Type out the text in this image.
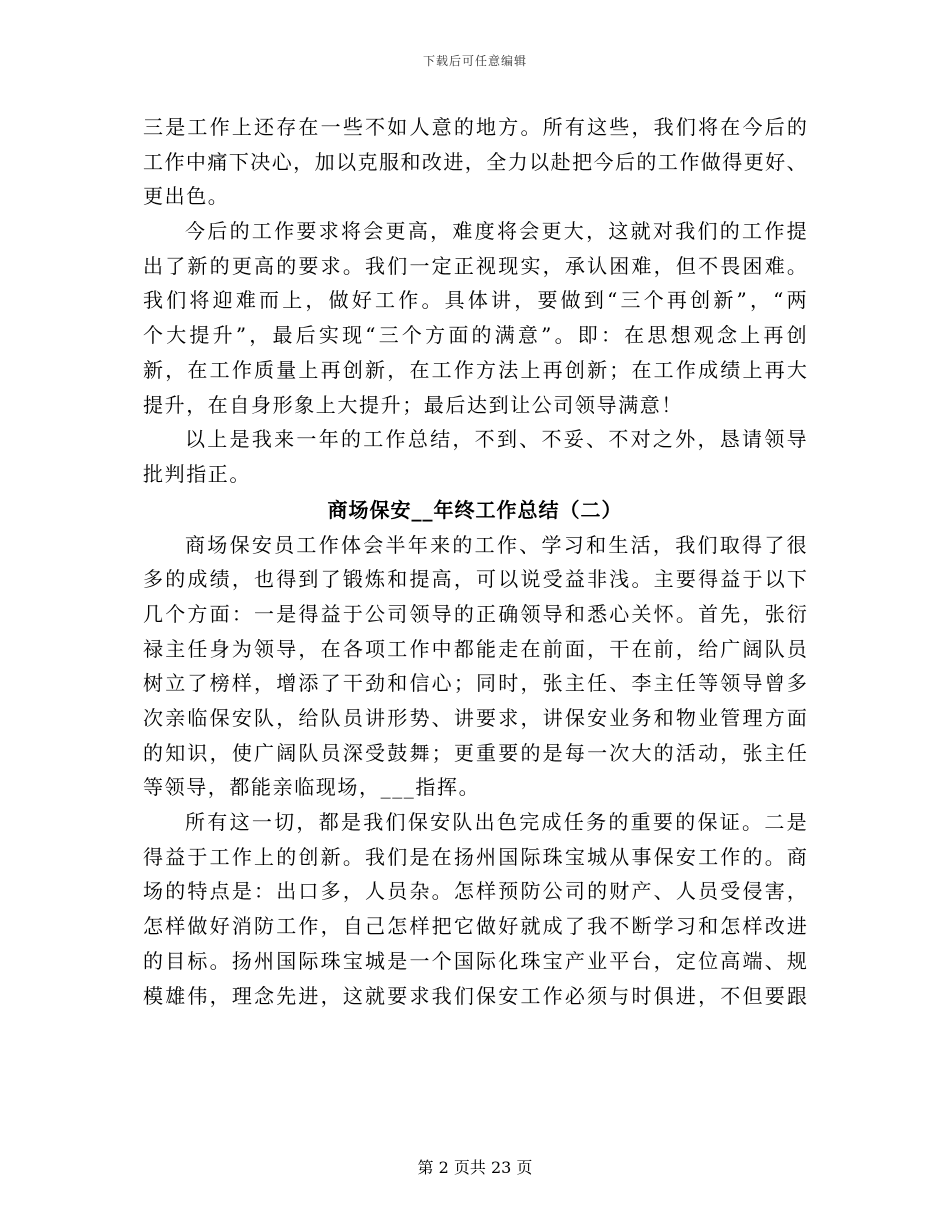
下载后可任意编辑
三 是 工 作 上 还 存 在 一 些 不 如 人 意 的 地 方 。 所 有 这 些 ， 我 们 将 在 今 后 的
工 作 中 痛 下 决 心 ， 加 以 克 服 和 改 进 ， 全 力 以 赴 把 今 后 的 工 作 做 得 更 好 、
更出色。
今 后 的 工 作 要 求 将 会 更 高 ， 难 度 将 会 更 大 ， 这 就 对 我 们 的 工 作 提
出 了 新 的 更 高 的 要 求 。 我 们 一 定 正 视 现 实 ， 承 认 困 难 ， 但 不 畏 困 难 。
我 们 将 迎 难 而 上 ， 做 好 工 作 。 具 体 讲 ， 要 做 到 “ 三 个 再 创 新 ” ， “ 两
个 大 提 升 ” ， 最 后 实 现 “ 三 个 方 面 的 满 意 ” 。 即 ： 在 思 想 观 念 上 再 创
新 ， 在 工 作 质 量 上 再 创 新 ， 在 工 作 方 法 上 再 创 新 ； 在 工 作 成 绩 上 再 大
提升，在自身形象上大提升；最后达到让公司领导满意！
以 上 是 我 来 一 年 的 工 作 总 结 ， 不 到 、 不 妥 、 不 对 之 外 ， 恳 请 领 导
批判指正。
商场保安__年终工作总结（二）
商 场 保 安 员 工 作 体 会 半 年 来 的 工 作 、 学 习 和 生 活 ， 我 们 取 得 了 很
多 的 成 绩 ， 也 得 到 了 锻 炼 和 提 高 ， 可 以 说 受 益 非 浅 。 主 要 得 益 于 以 下
几 个 方 面 ： 一 是 得 益 于 公 司 领 导 的 正 确 领 导 和 悉 心 关 怀 。 首 先 ， 张 衍
禄 主 任 身 为 领 导 ， 在 各 项 工 作 中 都 能 走 在 前 面 ， 干 在 前 ， 给 广 阔 队 员
树 立 了 榜 样 ， 增 添 了 干 劲 和 信 心 ； 同 时 ， 张 主 任 、 李 主 任 等 领 导 曾 多
次 亲 临 保 安 队 ， 给 队 员 讲 形 势 、 讲 要 求 ， 讲 保 安 业 务 和 物 业 管 理 方 面
的 知 识 ， 使 广 阔 队 员 深 受 鼓 舞 ； 更 重 要 的 是 每 一 次 大 的 活 动 ， 张 主 任
等领导，都能亲临现场，___指挥。
所 有 这 一 切 ， 都 是 我 们 保 安 队 出 色 完 成 任 务 的 重 要 的 保 证 。 二 是
得 益 于 工 作 上 的 创 新 。 我 们 是 在 扬 州 国 际 珠 宝 城 从 事 保 安 工 作 的 。 商
场 的 特 点 是 ： 出 口 多 ， 人 员 杂 。 怎 样 预 防 公 司 的 财 产 、 人 员 受 侵 害 ，
怎 样 做 好 消 防 工 作 ， 自 己 怎 样 把 它 做 好 就 成 了 我 不 断 学 习 和 怎 样 改 进
的 目 标 。 扬 州 国 际 珠 宝 城 是 一 个 国 际 化 珠 宝 产 业 平 台 ， 定 位 高 端 、 规
模 雄 伟 ， 理 念 先 进 ， 这 就 要 求 我 们 保 安 工 作 必 须 与 时 俱 进 ， 不 但 要 跟
第 2 页共 23 页
